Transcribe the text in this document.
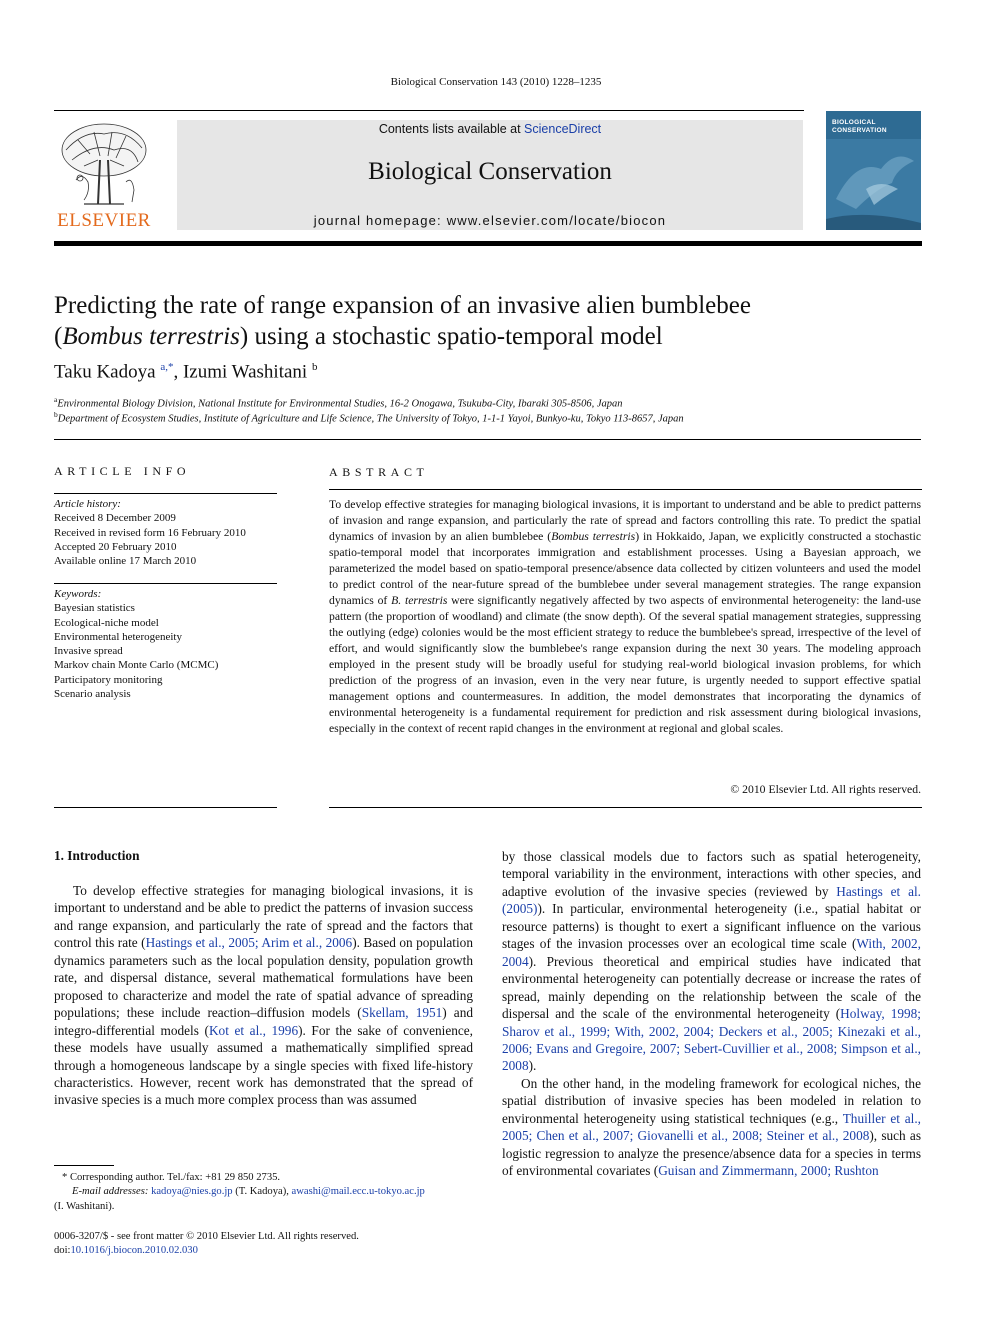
Biological Conservation 143 (2010) 1228–1235
ELSEVIER
Contents lists available at ScienceDirect
Biological Conservation
journal homepage: www.elsevier.com/locate/biocon
BIOLOGICAL
CONSERVATION
Predicting the rate of range expansion of an invasive alien bumblebee
(Bombus terrestris) using a stochastic spatio-temporal model
Taku Kadoya $^{a,*}$, Izumi Washitani $^b$
$^a$Environmental Biology Division, National Institute for Environmental Studies, 16-2 Onogawa, Tsukuba-City, Ibaraki 305-8506, Japan
$^b$Department of Ecosystem Studies, Institute of Agriculture and Life Science, The University of Tokyo, 1-1-1 Yayoi, Bunkyo-ku, Tokyo 113-8657, Japan
ARTICLE INFO
Article history:
Received 8 December 2009
Received in revised form 16 February 2010
Accepted 20 February 2010
Available online 17 March 2010
Keywords:
Bayesian statistics
Ecological-niche model
Environmental heterogeneity
Invasive spread
Markov chain Monte Carlo (MCMC)
Participatory monitoring
Scenario analysis
ABSTRACT
To develop effective strategies for managing biological invasions, it is important to understand and be able to predict patterns of invasion and range expansion, and particularly the rate of spread and factors controlling this rate. To predict the spatial dynamics of invasion by an alien bumblebee (Bombus terrestris) in Hokkaido, Japan, we explicitly constructed a stochastic spatio-temporal model that incorporates immigration and establishment processes. Using a Bayesian approach, we parameterized the model based on spatio-temporal presence/absence data collected by citizen volunteers and used the model to predict control of the near-future spread of the bumblebee under several management strategies. The range expansion dynamics of B. terrestris were significantly negatively affected by two aspects of environmental heterogeneity: the land-use pattern (the proportion of woodland) and climate (the snow depth). Of the several spatial management strategies, suppressing the outlying (edge) colonies would be the most efficient strategy to reduce the bumblebee's spread, irrespective of the level of effort, and would significantly slow the bumblebee's range expansion during the next 30 years. The modeling approach employed in the present study will be broadly useful for studying real-world biological invasion problems, for which prediction of the progress of an invasion, even in the very near future, is urgently needed to support effective spatial management options and countermeasures. In addition, the model demonstrates that incorporating the dynamics of environmental heterogeneity is a fundamental requirement for prediction and risk assessment during biological invasions, especially in the context of recent rapid changes in the environment at regional and global scales.
© 2010 Elsevier Ltd. All rights reserved.
1. Introduction

To develop effective strategies for managing biological invasions, it is important to understand and be able to predict the patterns of invasion success and range expansion, and particularly the rate of spread and the factors that control this rate (Hastings et al., 2005; Arim et al., 2006). Based on population dynamics parameters such as the local population density, population growth rate, and dispersal distance, several mathematical formulations have been proposed to characterize and model the rate of spatial advance of spreading populations; these include reaction–diffusion models (Skellam, 1951) and integro-differential models (Kot et al., 1996). For the sake of convenience, these models have usually assumed a mathematically simplified spread through a homogeneous landscape by a single species with fixed life-history characteristics. However, recent work has demonstrated that the spread of invasive species is a much more complex process than was assumed

by those classical models due to factors such as spatial heterogeneity, temporal variability in the environment, interactions with other species, and adaptive evolution of the invasive species (reviewed by Hastings et al. (2005)). In particular, environmental heterogeneity (i.e., spatial habitat or resource patterns) is thought to exert a significant influence on the various stages of the invasion processes over an ecological time scale (With, 2002, 2004). Previous theoretical and empirical studies have indicated that environmental heterogeneity can potentially decrease or increase the rates of spread, mainly depending on the relationship between the scale of the dispersal and the scale of the environmental heterogeneity (Holway, 1998; Sharov et al., 1999; With, 2002, 2004; Deckers et al., 2005; Kinezaki et al., 2006; Evans and Gregoire, 2007; Sebert-Cuvillier et al., 2008; Simpson et al., 2008).

On the other hand, in the modeling framework for ecological niches, the spatial distribution of invasive species has been modeled in relation to environmental heterogeneity using statistical techniques (e.g., Thuiller et al., 2005; Chen et al., 2007; Giovanelli et al., 2008; Steiner et al., 2008), such as logistic regression to analyze the presence/absence data for a species in terms of environmental covariates (Guisan and Zimmermann, 2000; Rushton

* Corresponding author. Tel./fax: +81 29 850 2735.
E-mail addresses: kadoya@nies.go.jp (T. Kadoya), awashi@mail.ecc.u-tokyo.ac.jp
(I. Washitani).
0006-3207/$ - see front matter © 2010 Elsevier Ltd. All rights reserved.
doi:10.1016/j.biocon.2010.02.030
